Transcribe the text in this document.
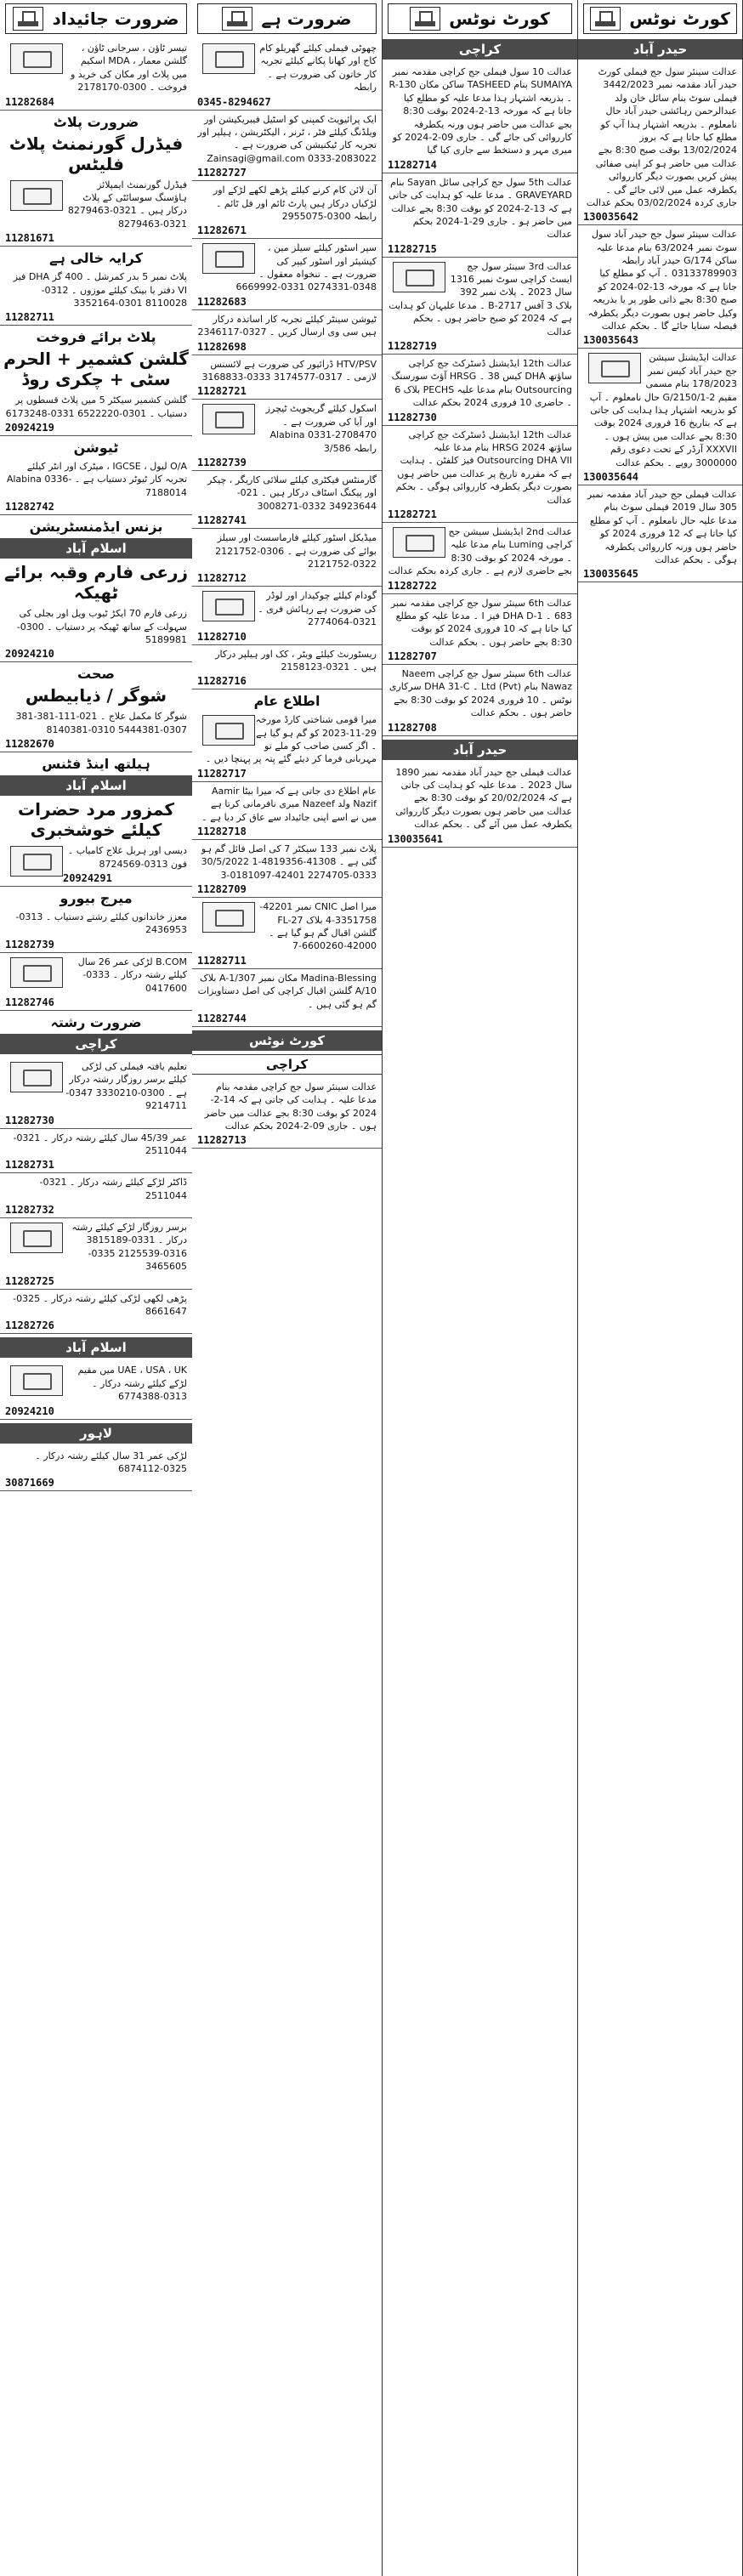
ضرورت جائیداد
تیسر ٹاؤن ، سرجانی ٹاؤن ، گلشن معمار ، MDA اسکیم میں پلاٹ اور مکان کی خرید و فروخت ۔ 0300-2178170
11282684
ضرورت پلاٹ
فیڈرل گورنمنٹ پلاٹ فلیٹس
فیڈرل گورنمنٹ ایمپلائز ہاؤسنگ سوسائٹی کے پلاٹ درکار ہیں ۔ 0321-8279463 0321-8279463
11281671
کرایہ خالی ہے
پلاٹ نمبر 5 بدر کمرشل ۔ 400 گز DHA فیز VI دفتر یا بینک کیلئے موزوں ۔ 0312-8110028 0301-3352164
11282711
پلاٹ برائے فروخت
گلشن کشمیر + الحرم سٹی + چکری روڈ
گلشن کشمیر سیکٹر 5 میں پلاٹ قسطوں پر دستیاب ۔ 0301-6522220 0331-6173248
20924219
ٹیوشن
O/A لیول ، IGCSE ، میٹرک اور انٹر کیلئے تجربہ کار ٹیوٹر دستیاب ہے ۔ Alabina 0336-7188014
11282742
بزنس ایڈمنسٹریشن
اسلام آباد
زرعی فارم وقبہ برائے ٹھیکہ
زرعی فارم 70 ایکڑ ٹیوب ویل اور بجلی کی سہولت کے ساتھ ٹھیکہ پر دستیاب ۔ 0300-5189981
20924210
صحت
شوگر / ذیابیطس
شوگر کا مکمل علاج ۔ 021-111-381-381 0307-5444381 0310-8140381
11282670
ہیلتھ اینڈ فٹنس
اسلام آباد
کمزور مرد حضرات کیلئے خوشخبری
دیسی اور ہربل علاج کامیاب ۔ فون 0313-8724569
20924291
میرج بیورو
معزز خاندانوں کیلئے رشتے دستیاب ۔ 0313-2436953
11282739
B.COM لڑکی عمر 26 سال کیلئے رشتہ درکار ۔ 0333-0417600
11282746
ضرورت رشتہ
کراچی
تعلیم یافتہ فیملی کی لڑکی کیلئے برسر روزگار رشتہ درکار ہے ۔ 0300-3330210 0347-9214711
11282730
عمر 45/39 سال کیلئے رشتہ درکار ۔ 0321-2511044
11282731
ڈاکٹر لڑکے کیلئے رشتہ درکار ۔ 0321-2511044
11282732
برسر روزگار لڑکے کیلئے رشتہ درکار ۔ 0331-3815189 0316-2125539 0335-3465605
11282725
پڑھی لکھی لڑکی کیلئے رشتہ درکار ۔ 0325-8661647
11282726
اسلام آباد
UAE ، USA ، UK میں مقیم لڑکے کیلئے رشتہ درکار ۔ 0313-6774388
20924210
لاہور
لڑکی عمر 31 سال کیلئے رشتہ درکار ۔ 0325-6874112
30871669
ضرورت ہے
چھوٹی فیملی کیلئے گھریلو کام کاج اور کھانا پکانے کیلئے تجربہ کار خاتون کی ضرورت ہے ۔ رابطہ
0345-8294627
ایک پرائیویٹ کمپنی کو اسٹیل فیبریکیشن اور ویلڈنگ کیلئے فٹر ، ٹرنر ، الیکٹریشن ، ہیلپر اور تجربہ کار ٹیکنیشن کی ضرورت ہے ۔ Zainsagi@gmail.com 0333-2083022
11282727
آن لائن کام کرنے کیلئے پڑھے لکھے لڑکے اور لڑکیاں درکار ہیں پارٹ ٹائم اور فل ٹائم ۔ رابطہ 0300-2955075
11282671
سپر اسٹور کیلئے سیلز مین ، کیشیئر اور اسٹور کیپر کی ضرورت ہے ۔ تنخواہ معقول ۔ 0348-0274331 0331-6669992
11282683
ٹیوشن سینٹر کیلئے تجربہ کار اساتذہ درکار ہیں سی وی ارسال کریں ۔ 0327-2346117
11282698
HTV/PSV ڈرائیور کی ضرورت ہے لائسنس لازمی ۔ 0317-3174577 0333-3168833
11282721
اسکول کیلئے گریجویٹ ٹیچرز اور آیا کی ضرورت ہے ۔ Alabina 0331-2708470 رابطہ 3/586
11282739
گارمنٹس فیکٹری کیلئے سلائی کاریگر ، چیکر اور پیکنگ اسٹاف درکار ہیں ۔ 021-34923644 0332-3008271
11282741
میڈیکل اسٹور کیلئے فارماسسٹ اور سیلز بوائے کی ضرورت ہے ۔ 0306-2121752 0322-2121752
11282712
گودام کیلئے چوکیدار اور لوڈر کی ضرورت ہے رہائش فری ۔ 0321-2774064
11282710
ریسٹورنٹ کیلئے ویٹر ، کک اور ہیلپر درکار ہیں ۔ 0321-2158123
11282716
اطلاع عام
میرا قومی شناختی کارڈ مورخہ 29-11-2023 کو گم ہو گیا ہے ۔ اگر کسی صاحب کو ملے تو مہربانی فرما کر دیئے گئے پتہ پر پہنچا دیں ۔
11282717
عام اطلاع دی جاتی ہے کہ میرا بیٹا Aamir Nazif ولد Nazeef میری نافرمانی کرتا ہے میں نے اسے اپنی جائیداد سے عاق کر دیا ہے ۔
11282718
پلاٹ نمبر 133 سیکٹر 7 کی اصل فائل گم ہو گئی ہے ۔ 41308-4819356-1 30/5/2022 0333-2274705 42401-0181097-3
11282709
میرا اصل CNIC نمبر 42201-3351758-4 بلاک FL-27 گلشن اقبال گم ہو گیا ہے ۔ 42000-6600260-7
11282711
Madina-Blessing مکان نمبر A-1/307 بلاک 10/A گلشن اقبال کراچی کی اصل دستاویزات گم ہو گئی ہیں ۔
11282744
کورٹ نوٹس
کراچی
عدالت سینئر سول جج کراچی مقدمہ بنام مدعا علیہ ۔ ہدایت کی جاتی ہے کہ 14-2-2024 کو بوقت 8:30 بجے عدالت میں حاضر ہوں ۔ جاری 09-2-2024 بحکم عدالت
11282713
کورٹ نوٹس
کراچی
عدالت 10 سول فیملی جج کراچی مقدمہ نمبر SUMAIYA بنام TASHEED ساکن مکان R-130 ۔ بذریعہ اشتہار ہذا مدعا علیہ کو مطلع کیا جاتا ہے کہ مورخہ 13-2-2024 بوقت 8:30 بجے عدالت میں حاضر ہوں ورنہ یکطرفہ کارروائی کی جائے گی ۔ جاری 09-2-2024 کو میری مہر و دستخط سے جاری کیا گیا
11282714
عدالت 5th سول جج کراچی سائل Sayan بنام GRAVEYARD ۔ مدعا علیہ کو ہدایت کی جاتی ہے کہ 13-2-2024 کو بوقت 8:30 بجے عدالت میں حاضر ہو ۔ جاری 29-1-2024 بحکم عدالت
11282715
عدالت 3rd سینئر سول جج ایسٹ کراچی سوٹ نمبر 1316 سال 2023 ۔ پلاٹ نمبر 392 بلاک 3 آفس 2717-B ۔ مدعا علیہان کو ہدایت ہے کہ 2024 کو صبح حاضر ہوں ۔ بحکم عدالت
11282719
عدالت 12th ایڈیشنل ڈسٹرکٹ جج کراچی ساؤتھ DHA کیس 38 ۔ HRSG آؤٹ سورسنگ Outsourcing بنام مدعا علیہ PECHS بلاک 6 ۔ حاضری 10 فروری 2024 بحکم عدالت
11282730
عدالت 12th ایڈیشنل ڈسٹرکٹ جج کراچی ساؤتھ HRSG 2024 بنام مدعا علیہ Outsourcing DHA VII فیز کلفٹن ۔ ہدایت ہے کہ مقررہ تاریخ پر عدالت میں حاضر ہوں بصورت دیگر یکطرفہ کارروائی ہوگی ۔ بحکم عدالت
11282721
عدالت 2nd ایڈیشنل سیشن جج کراچی Luming بنام مدعا علیہ ۔ مورخہ 2024 کو بوقت 8:30 بجے حاضری لازم ہے ۔ جاری کردہ بحکم عدالت
11282722
عدالت 6th سینئر سول جج کراچی مقدمہ نمبر 683 ۔ DHA D-1 فیز I ۔ مدعا علیہ کو مطلع کیا جاتا ہے کہ 10 فروری 2024 کو بوقت 8:30 بجے حاضر ہوں ۔ بحکم عدالت
11282707
عدالت 6th سینئر سول جج کراچی Naeem Nawaz بنام (Pvt) Ltd ۔ DHA 31-C سرکاری نوٹس ۔ 10 فروری 2024 کو بوقت 8:30 بجے حاضر ہوں ۔ بحکم عدالت
11282708
حیدر آباد
عدالت فیملی جج حیدر آباد مقدمہ نمبر 1890 سال 2023 ۔ مدعا علیہ کو ہدایت کی جاتی ہے کہ 20/02/2024 کو بوقت 8:30 بجے عدالت میں حاضر ہوں بصورت دیگر کارروائی یکطرفہ عمل میں آئے گی ۔ بحکم عدالت
130035641
کورٹ نوٹس
حیدر آباد
عدالت سینئر سول جج فیملی کورٹ حیدر آباد مقدمہ نمبر 3442/2023 فیملی سوٹ بنام سائل خان ولد عبدالرحمن رہائشی حیدر آباد حال نامعلوم ۔ بذریعہ اشتہار ہذا آپ کو مطلع کیا جاتا ہے کہ بروز 13/02/2024 بوقت صبح 8:30 بجے عدالت میں حاضر ہو کر اپنی صفائی پیش کریں بصورت دیگر کارروائی یکطرفہ عمل میں لائی جائے گی ۔ جاری کردہ 03/02/2024 بحکم عدالت
130035642
عدالت سینئر سول جج حیدر آباد سول سوٹ نمبر 63/2024 بنام مدعا علیہ ساکن G/174 حیدر آباد رابطہ 03133789903 ۔ آپ کو مطلع کیا جاتا ہے کہ مورخہ 13-02-2024 کو صبح 8:30 بجے ذاتی طور پر یا بذریعہ وکیل حاضر ہوں بصورت دیگر یکطرفہ فیصلہ سنایا جائے گا ۔ بحکم عدالت
130035643
عدالت ایڈیشنل سیشن جج حیدر آباد کیس نمبر 178/2023 بنام مسمی مقیم G/2150/1-2 حال نامعلوم ۔ آپ کو بذریعہ اشتہار ہذا ہدایت کی جاتی ہے کہ بتاریخ 16 فروری 2024 بوقت 8:30 بجے عدالت میں پیش ہوں ۔ XXXVII آرڈر کے تحت دعوی رقم 3000000 روپے ۔ بحکم عدالت
130035644
عدالت فیملی جج حیدر آباد مقدمہ نمبر 305 سال 2019 فیملی سوٹ بنام مدعا علیہ حال نامعلوم ۔ آپ کو مطلع کیا جاتا ہے کہ 12 فروری 2024 کو حاضر ہوں ورنہ کارروائی یکطرفہ ہوگی ۔ بحکم عدالت
130035645
